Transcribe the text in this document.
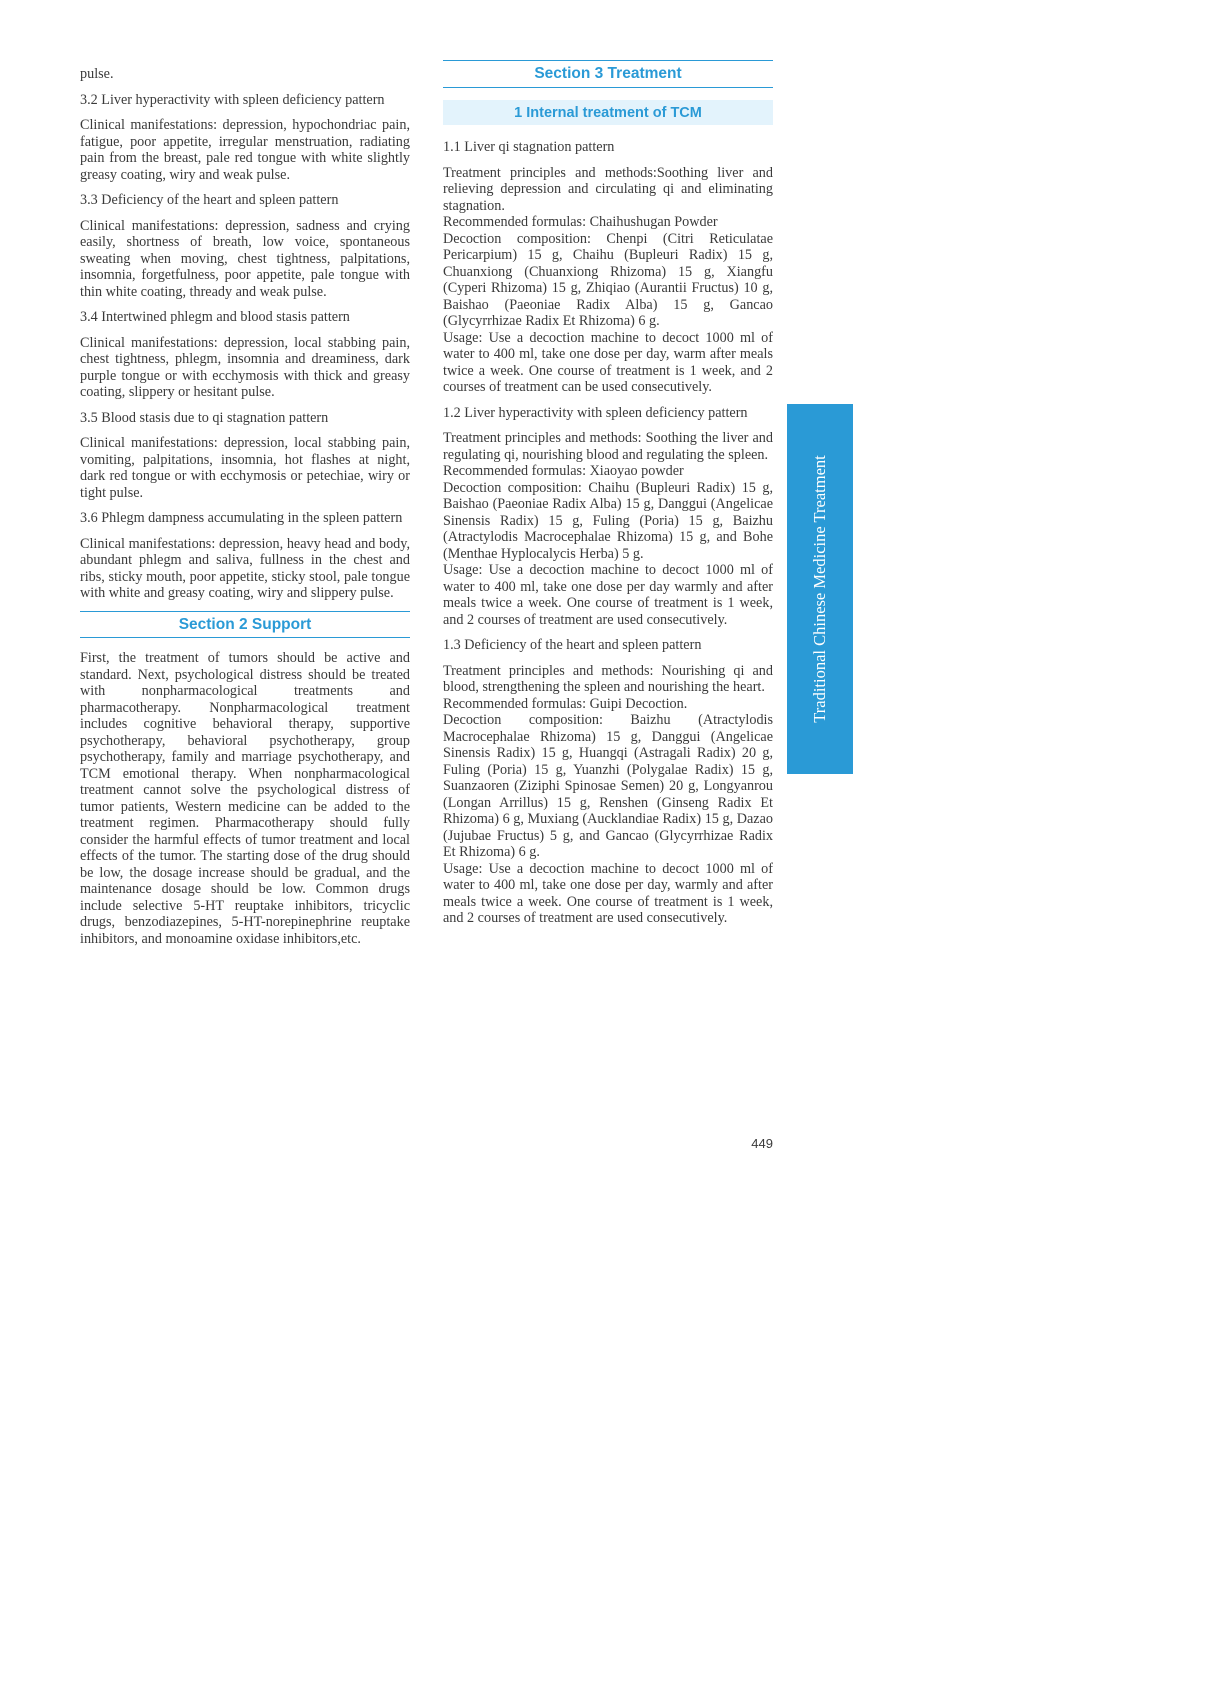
pulse.

3.2 Liver hyperactivity with spleen deficiency pattern

Clinical manifestations: depression, hypochondriac pain, fatigue, poor appetite, irregular menstruation, radiating pain from the breast, pale red tongue with white slightly greasy coating, wiry and weak pulse.

3.3 Deficiency of the heart and spleen pattern

Clinical manifestations: depression, sadness and crying easily, shortness of breath, low voice, spontaneous sweating when moving, chest tightness, palpitations, insomnia, forgetfulness, poor appetite, pale tongue with thin white coating, thready and weak pulse.

3.4 Intertwined phlegm and blood stasis pattern

Clinical manifestations: depression, local stabbing pain, chest tightness, phlegm, insomnia and dreaminess, dark purple tongue or with ecchymosis with thick and greasy coating, slippery or hesitant pulse.

3.5 Blood stasis due to qi stagnation pattern

Clinical manifestations: depression, local stabbing pain, vomiting, palpitations, insomnia, hot flashes at night, dark red tongue or with ecchymosis or petechiae, wiry or tight pulse.

3.6 Phlegm dampness accumulating in the spleen pattern

Clinical manifestations: depression, heavy head and body, abundant phlegm and saliva, fullness in the chest and ribs, sticky mouth, poor appetite, sticky stool, pale tongue with white and greasy coating, wiry and slippery pulse.

Section 2 Support

First, the treatment of tumors should be active and standard. Next, psychological distress should be treated with nonpharmacological treatments and pharmacotherapy. Nonpharmacological treatment includes cognitive behavioral therapy, supportive psychotherapy, behavioral psychotherapy, group psychotherapy, family and marriage psychotherapy, and TCM emotional therapy. When nonpharmacological treatment cannot solve the psychological distress of tumor patients, Western medicine can be added to the treatment regimen. Pharmacotherapy should fully consider the harmful effects of tumor treatment and local effects of the tumor. The starting dose of the drug should be low, the dosage increase should be gradual, and the maintenance dosage should be low. Common drugs include selective 5-HT reuptake inhibitors, tricyclic drugs, benzodiazepines, 5-HT-norepinephrine reuptake inhibitors, and monoamine oxidase inhibitors,etc.

Section 3 Treatment
1 Internal treatment of TCM

1.1 Liver qi stagnation pattern

Treatment principles and methods:Soothing liver and relieving depression and circulating qi and eliminating stagnation.

Recommended formulas: Chaihushugan Powder

Decoction composition: Chenpi (Citri Reticulatae Pericarpium) 15 g, Chaihu (Bupleuri Radix) 15 g, Chuanxiong (Chuanxiong Rhizoma) 15 g, Xiangfu (Cyperi Rhizoma) 15 g, Zhiqiao (Aurantii Fructus) 10 g, Baishao (Paeoniae Radix Alba) 15 g, Gancao (Glycyrrhizae Radix Et Rhizoma) 6 g.

Usage: Use a decoction machine to decoct 1000 ml of water to 400 ml, take one dose per day, warm after meals twice a week. One course of treatment is 1 week, and 2 courses of treatment can be used consecutively.

1.2 Liver hyperactivity with spleen deficiency pattern

Treatment principles and methods: Soothing the liver and regulating qi, nourishing blood and regulating the spleen.

Recommended formulas: Xiaoyao powder

Decoction composition: Chaihu (Bupleuri Radix) 15 g, Baishao (Paeoniae Radix Alba) 15 g, Danggui (Angelicae Sinensis Radix) 15 g, Fuling (Poria) 15 g, Baizhu (Atractylodis Macrocephalae Rhizoma) 15 g, and Bohe (Menthae Hyplocalycis Herba) 5 g.

Usage: Use a decoction machine to decoct 1000 ml of water to 400 ml, take one dose per day warmly and after meals twice a week. One course of treatment is 1 week, and 2 courses of treatment are used consecutively.

1.3 Deficiency of the heart and spleen pattern

Treatment principles and methods: Nourishing qi and blood, strengthening the spleen and nourishing the heart.

Recommended formulas: Guipi Decoction.

Decoction composition: Baizhu (Atractylodis Macrocephalae Rhizoma) 15 g, Danggui (Angelicae Sinensis Radix) 15 g, Huangqi (Astragali Radix) 20 g, Fuling (Poria) 15 g, Yuanzhi (Polygalae Radix) 15 g, Suanzaoren (Ziziphi Spinosae Semen) 20 g, Longyanrou (Longan Arrillus) 15 g, Renshen (Ginseng Radix Et Rhizoma) 6 g, Muxiang (Aucklandiae Radix) 15 g, Dazao (Jujubae Fructus) 5 g, and Gancao (Glycyrrhizae Radix Et Rhizoma) 6 g.

Usage: Use a decoction machine to decoct 1000 ml of water to 400 ml, take one dose per day, warmly and after meals twice a week. One course of treatment is 1 week, and 2 courses of treatment are used consecutively.

Traditional Chinese Medicine Treatment
449
